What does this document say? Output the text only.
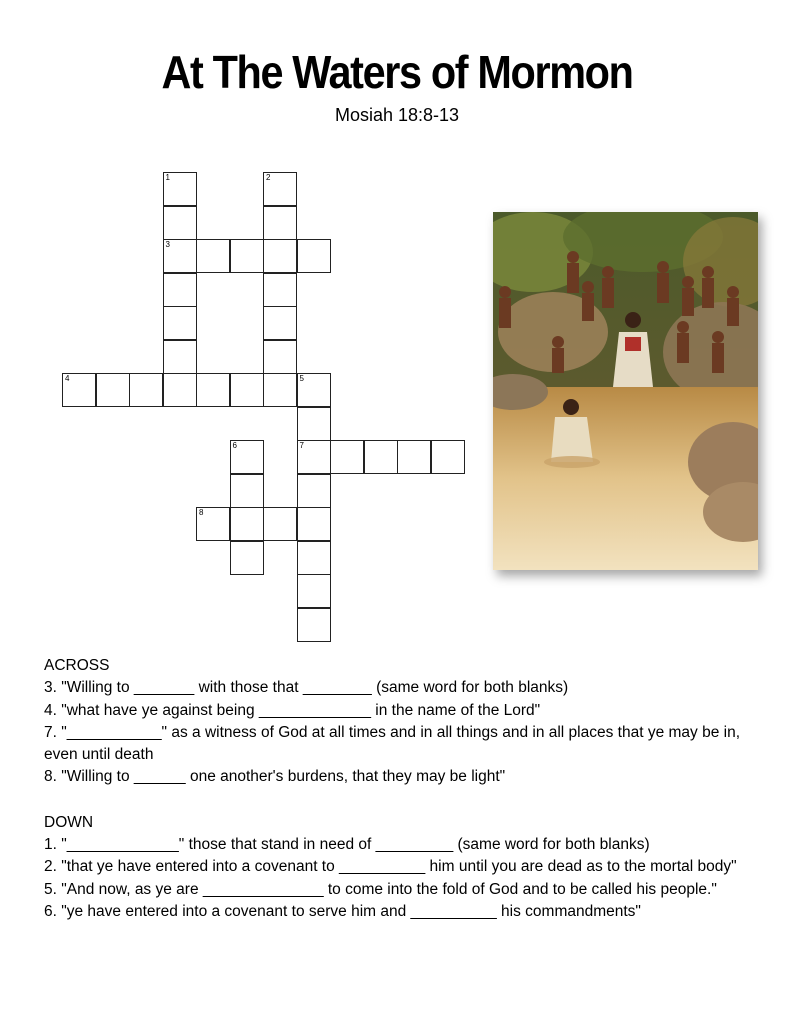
At The Waters of Mormon
Mosiah 18:8-13
1
3
2
4	5
7
6
8

ACROSS

3. "Willing to _______ with those that ________ (same word for both blanks)

4. "what have ye against being _____________ in the name of the Lord"

7. "___________" as a witness of God at all times and in all things and in all places that ye may be in, even until death

8. "Willing to ______ one another's burdens, that they may be light"

DOWN

1. "_____________" those that stand in need of _________ (same word for both blanks)

2. "that ye have entered into a covenant to __________ him until you are dead as to the mortal body"

5. "And now, as ye are ______________ to come into the fold of God and to be called his people."

6. "ye have entered into a covenant to serve him and __________ his commandments"
